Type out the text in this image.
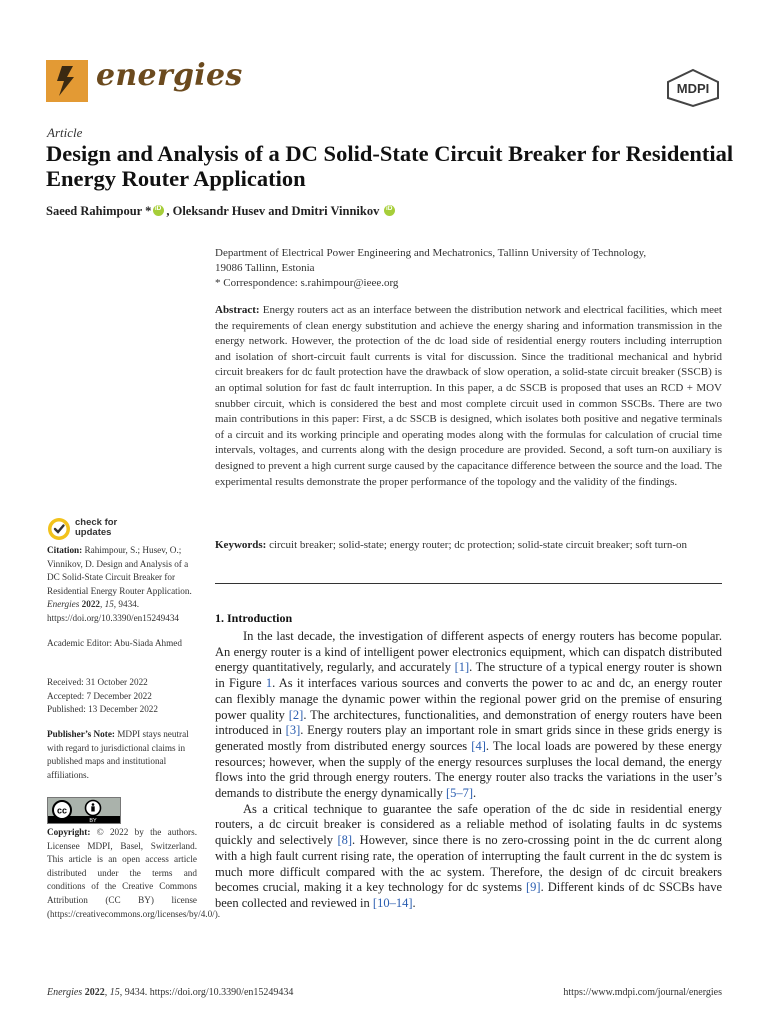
energies	MDPI
Article
Design and Analysis of a DC Solid-State Circuit Breaker for Residential Energy Router Application
Saeed Rahimpour *iD , Oleksandr Husev and Dmitri Vinnikov iD
Department of Electrical Power Engineering and Mechatronics, Tallinn University of Technology,
19086 Tallinn, Estonia
* Correspondence: s.rahimpour@ieee.org
Abstract: Energy routers act as an interface between the distribution network and electrical facilities, which meet the requirements of clean energy substitution and achieve the energy sharing and information transmission in the energy network. However, the protection of the dc load side of residential energy routers including interruption and isolation of short-circuit fault currents is vital for discussion. Since the traditional mechanical and hybrid circuit breakers for dc fault protection have the drawback of slow operation, a solid-state circuit breaker (SSCB) is an optimal solution for fast dc fault interruption. In this paper, a dc SSCB is proposed that uses an RCD + MOV snubber circuit, which is considered the best and most complete circuit used in common SSCBs. There are two main contributions in this paper: First, a dc SSCB is designed, which isolates both positive and negative terminals of a circuit and its working principle and operating modes along with the formulas for calculation of crucial time intervals, voltages, and currents along with the design procedure are provided. Second, a soft turn-on auxiliary is designed to prevent a high current surge caused by the capacitance difference between the source and the load. The experimental results demonstrate the proper performance of the topology and the validity of the findings.
Keywords: circuit breaker; solid-state; energy router; dc protection; solid-state circuit breaker; soft turn-on
1. Introduction

In the last decade, the investigation of different aspects of energy routers has become popular. An energy router is a kind of intelligent power electronics equipment, which can dispatch distributed energy quantitatively, regularly, and accurately [1]. The structure of a typical energy router is shown in Figure 1. As it interfaces various sources and converts the power to ac and dc, an energy router can flexibly manage the dynamic power within the regional power grid on the premise of ensuring power quality [2]. The architectures, functionalities, and demonstration of energy routers have been introduced in [3]. Energy routers play an important role in smart grids since in these grids energy is generated mostly from distributed energy sources [4]. The local loads are powered by these energy resources; however, when the supply of the energy resources surpluses the local demand, the energy flows into the grid through energy routers. The energy router also tracks the variations in the user’s demands to distribute the energy dynamically [5–7].

As a critical technique to guarantee the safe operation of the dc side in residential energy routers, a dc circuit breaker is considered as a reliable method of isolating faults in dc systems quickly and selectively [8]. However, since there is no zero-crossing point in the dc current along with a high fault current rising rate, the operation of interrupting the fault current in the dc system is much more difficult compared with the ac system. Therefore, the design of dc circuit breakers becomes crucial, making it a key technology for dc systems [9]. Different kinds of dc SSCBs have been collected and reviewed in [10–14].

check for
updates
Citation: Rahimpour, S.; Husev, O.; Vinnikov, D. Design and Analysis of a DC Solid-State Circuit Breaker for Residential Energy Router Application. Energies 2022, 15, 9434. https://doi.org/10.3390/en15249434
Academic Editor: Abu-Siada Ahmed
Received: 31 October 2022
Accepted: 7 December 2022
Published: 13 December 2022
Publisher’s Note: MDPI stays neutral with regard to jurisdictional claims in published maps and institutional affiliations.
cc
BY
Copyright: © 2022 by the authors. Licensee MDPI, Basel, Switzerland. This article is an open access article distributed under the terms and conditions of the Creative Commons Attribution (CC BY) license (https://creativecommons.org/licenses/by/4.0/).
Energies 2022, 15, 9434. https://doi.org/10.3390/en15249434	https://www.mdpi.com/journal/energies
